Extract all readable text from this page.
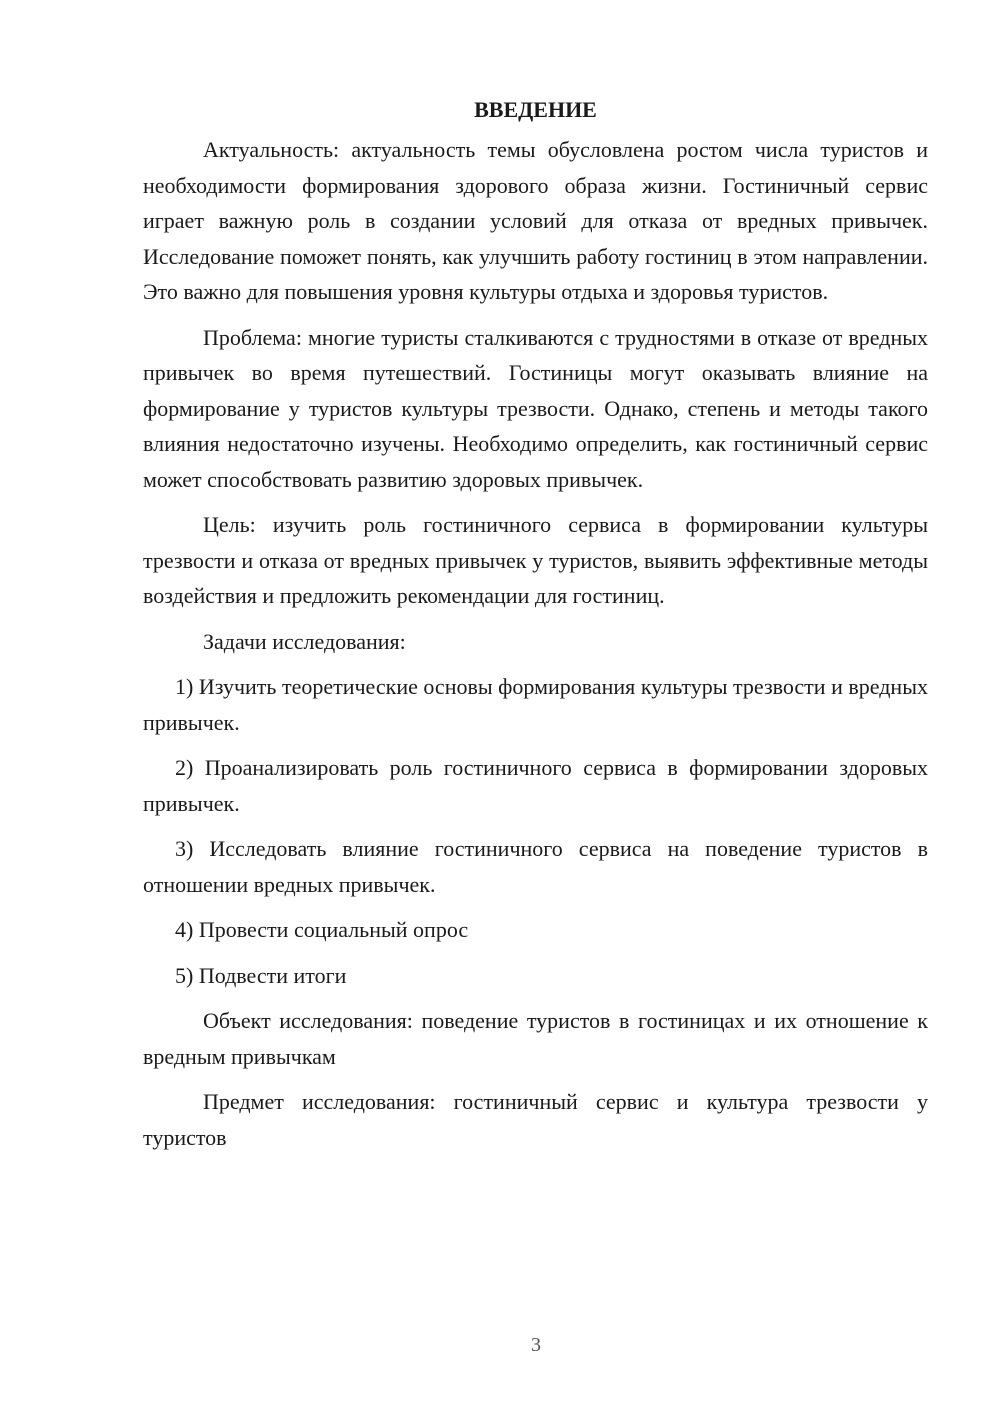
ВВЕДЕНИЕ

Актуальность: актуальность темы обусловлена ростом числа туристов и необходимости формирования здорового образа жизни. Гостиничный сервис играет важную роль в создании условий для отказа от вредных привычек. Исследование поможет понять, как улучшить работу гостиниц в этом направлении. Это важно для повышения уровня культуры отдыха и здоровья туристов.

Проблема: многие туристы сталкиваются с трудностями в отказе от вредных привычек во время путешествий. Гостиницы могут оказывать влияние на формирование у туристов культуры трезвости. Однако, степень и методы такого влияния недостаточно изучены. Необходимо определить, как гостиничный сервис может способствовать развитию здоровых привычек.

Цель: изучить роль гостиничного сервиса в формировании культуры трезвости и отказа от вредных привычек у туристов, выявить эффективные методы воздействия и предложить рекомендации для гостиниц.

Задачи исследования:

1) Изучить теоретические основы формирования культуры трезвости и вредных привычек.

2) Проанализировать роль гостиничного сервиса в формировании здоровых привычек.

3) Исследовать влияние гостиничного сервиса на поведение туристов в отношении вредных привычек.

4) Провести социальный опрос

5) Подвести итоги

Объект исследования: поведение туристов в гостиницах и их отношение к вредным привычкам

Предмет исследования: гостиничный сервис и культура трезвости у туристов

3
